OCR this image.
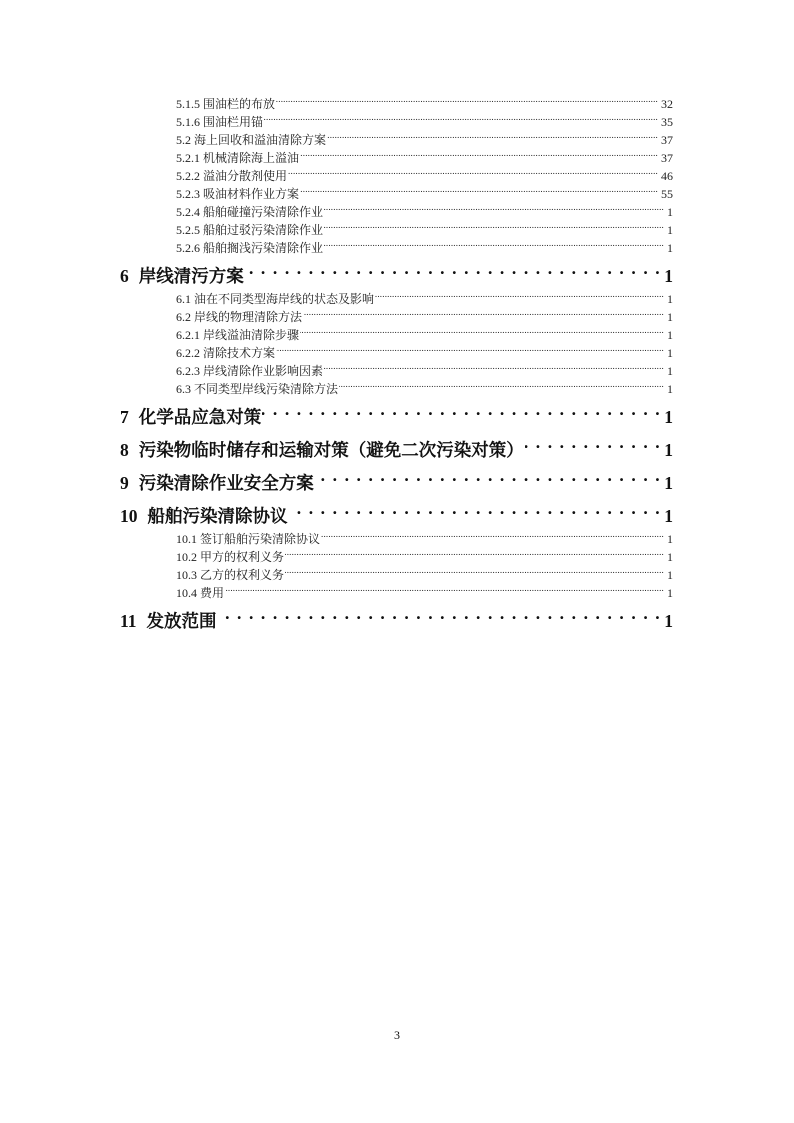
5.1.5 围油栏的布放 .....	32
5.1.6 围油栏用锚 .....	35
5.2 海上回收和溢油清除方案 .....	37
5.2.1 机械清除海上溢油 .....	37
5.2.2 溢油分散剂使用 .....	46
5.2.3 吸油材料作业方案 .....	55
5.2.4 船舶碰撞污染清除作业 .....	1
5.2.5 船舶过驳污染清除作业 .....	1
5.2.6 船舶搁浅污染清除作业 .....	1
6 岸线清污方案 . . .	1
6.1 油在不同类型海岸线的状态及影响 .....	1
6.2 岸线的物理清除方法 .....	1
6.2.1 岸线溢油清除步骤 .....	1
6.2.2 清除技术方案 .....	1
6.2.3 岸线清除作业影响因素 .....	1
6.3 不同类型岸线污染清除方法 .....	1
7 化学品应急对策 . . .	1
8 污染物临时储存和运输对策（避免二次污染对策） . . .	1
9 污染清除作业安全方案 . . .	1
10 船舶污染清除协议 . . .	1
10.1 签订船舶污染清除协议 .....	1
10.2 甲方的权利义务 .....	1
10.3 乙方的权利义务 .....	1
10.4 费用 .....	1
11 发放范围 . . .	1
3
